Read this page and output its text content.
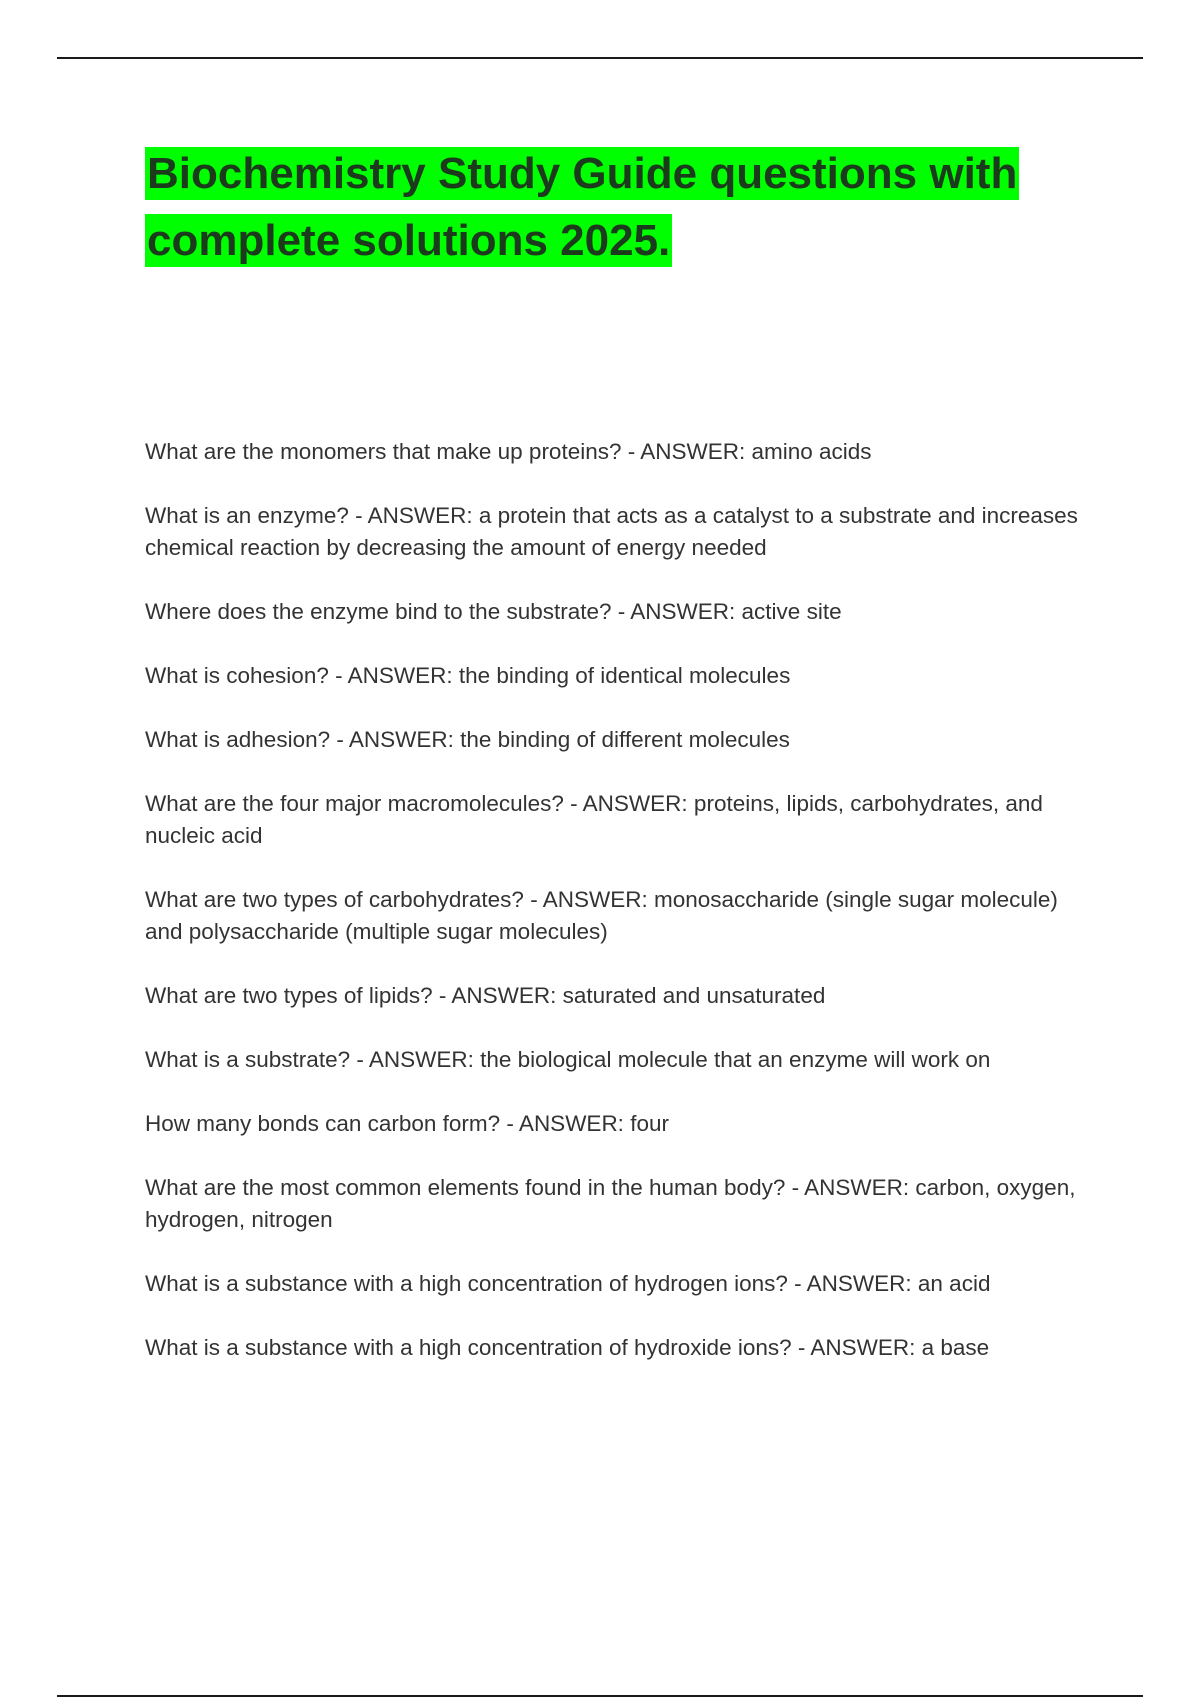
Biochemistry Study Guide questions with
complete solutions 2025.
What are the monomers that make up proteins? - ANSWER: amino acids
What is an enzyme? - ANSWER: a protein that acts as a catalyst to a substrate and increases chemical reaction by decreasing the amount of energy needed
Where does the enzyme bind to the substrate? - ANSWER: active site
What is cohesion? - ANSWER: the binding of identical molecules
What is adhesion? - ANSWER: the binding of different molecules
What are the four major macromolecules? - ANSWER: proteins, lipids, carbohydrates, and nucleic acid
What are two types of carbohydrates? - ANSWER: monosaccharide (single sugar molecule) and polysaccharide (multiple sugar molecules)
What are two types of lipids? - ANSWER: saturated and unsaturated
What is a substrate? - ANSWER: the biological molecule that an enzyme will work on
How many bonds can carbon form? - ANSWER: four
What are the most common elements found in the human body? - ANSWER: carbon, oxygen, hydrogen, nitrogen
What is a substance with a high concentration of hydrogen ions? - ANSWER: an acid
What is a substance with a high concentration of hydroxide ions? - ANSWER: a base
